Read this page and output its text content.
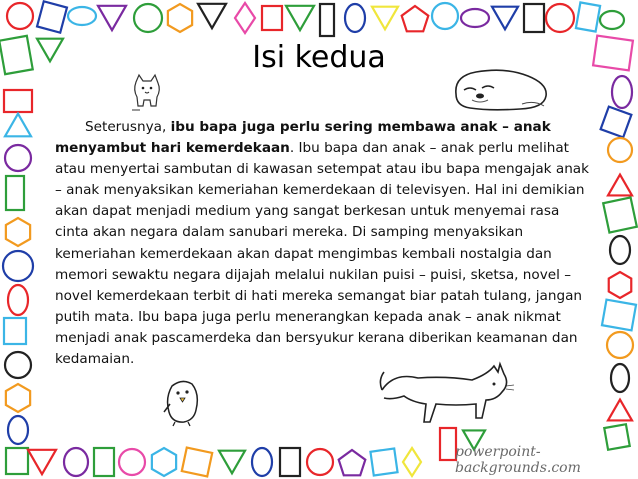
Isi kedua
Seterusnya, ibu bapa juga perlu sering membawa anak – anak menyambut hari kemerdekaan. Ibu bapa dan anak – anak perlu melihat atau menyertai sambutan di kawasan setempat atau ibu bapa mengajak anak – anak menyaksikan kemeriahan kemerdekaan di televisyen. Hal ini demikian akan dapat menjadi medium yang sangat berkesan untuk menyemai rasa cinta akan negara dalam sanubari mereka. Di samping menyaksikan kemeriahan kemerdekaan akan dapat mengimbas kembali nostalgia dan memori sewaktu negara dijajah melalui nukilan puisi – puisi, sketsa, novel – novel kemerdekaan terbit di hati mereka semangat biar patah tulang, jangan putih mata. Ibu bapa juga perlu menerangkan kepada anak – anak nikmat menjadi anak pascamerdeka dan bersyukur kerana diberikan keamanan dan kedamaian.
powerpoint-backgrounds.com
